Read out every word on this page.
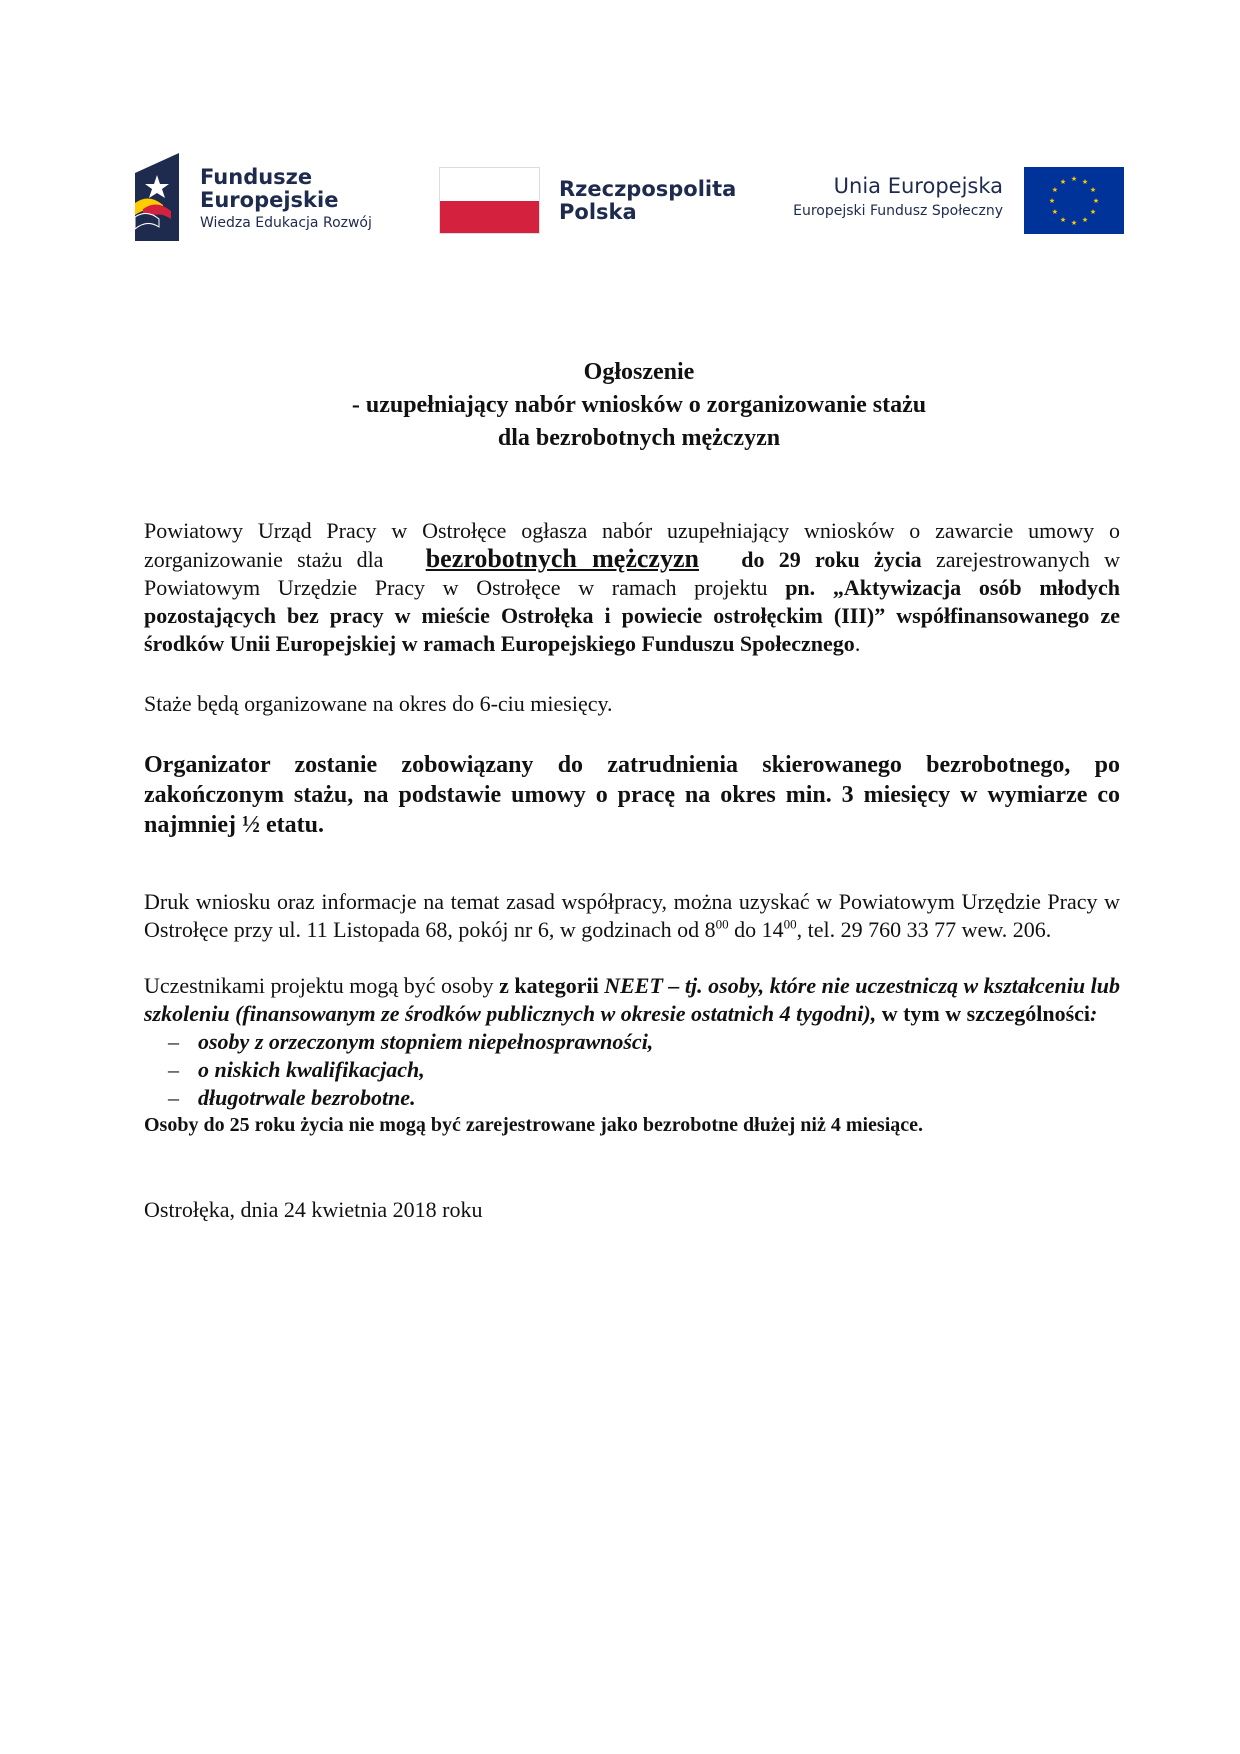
Fundusze
Europejskie
Wiedza Edukacja Rozwój
Rzeczpospolita
Polska
Unia Europejska
Europejski Fundusz Społeczny
★ ★
★
★
★
★
★
★
★
★
★
★
Ogłoszenie
- uzupełniający nabór wniosków o zorganizowanie stażu
dla bezrobotnych mężczyzn

Powiatowy Urząd Pracy w Ostrołęce ogłasza nabór uzupełniający wniosków o zawarcie umowy o zorganizowanie stażu dla bezrobotnych mężczyzn do 29 roku życia zarejestrowanych w Powiatowym Urzędzie Pracy w Ostrołęce w ramach projektu pn. „Aktywizacja osób młodych pozostających bez pracy w mieście Ostrołęka i powiecie ostrołęckim (III)” współfinansowanego ze środków Unii Europejskiej w ramach Europejskiego Funduszu Społecznego.

Staże będą organizowane na okres do 6-ciu miesięcy.

Organizator zostanie zobowiązany do zatrudnienia skierowanego bezrobotnego, po zakończonym stażu, na podstawie umowy o pracę na okres min. 3 miesięcy w wymiarze co najmniej ½ etatu.

Druk wniosku oraz informacje na temat zasad współpracy, można uzyskać w Powiatowym Urzędzie Pracy w Ostrołęce przy ul. 11 Listopada 68, pokój nr 6, w godzinach od $8^{00}$ do $14^{00}$, tel. 29 760 33 77 wew. 206.

Uczestnikami projektu mogą być osoby z kategorii NEET – tj. osoby, które nie uczestniczą w kształceniu lub szkoleniu (finansowanym ze środków publicznych w okresie ostatnich 4 tygodni), w tym w szczególności:

– osoby z orzeczonym stopniem niepełnosprawności,
– o niskich kwalifikacjach,
– długotrwale bezrobotne.

Osoby do 25 roku życia nie mogą być zarejestrowane jako bezrobotne dłużej niż 4 miesiące.

Ostrołęka, dnia 24 kwietnia 2018 roku
